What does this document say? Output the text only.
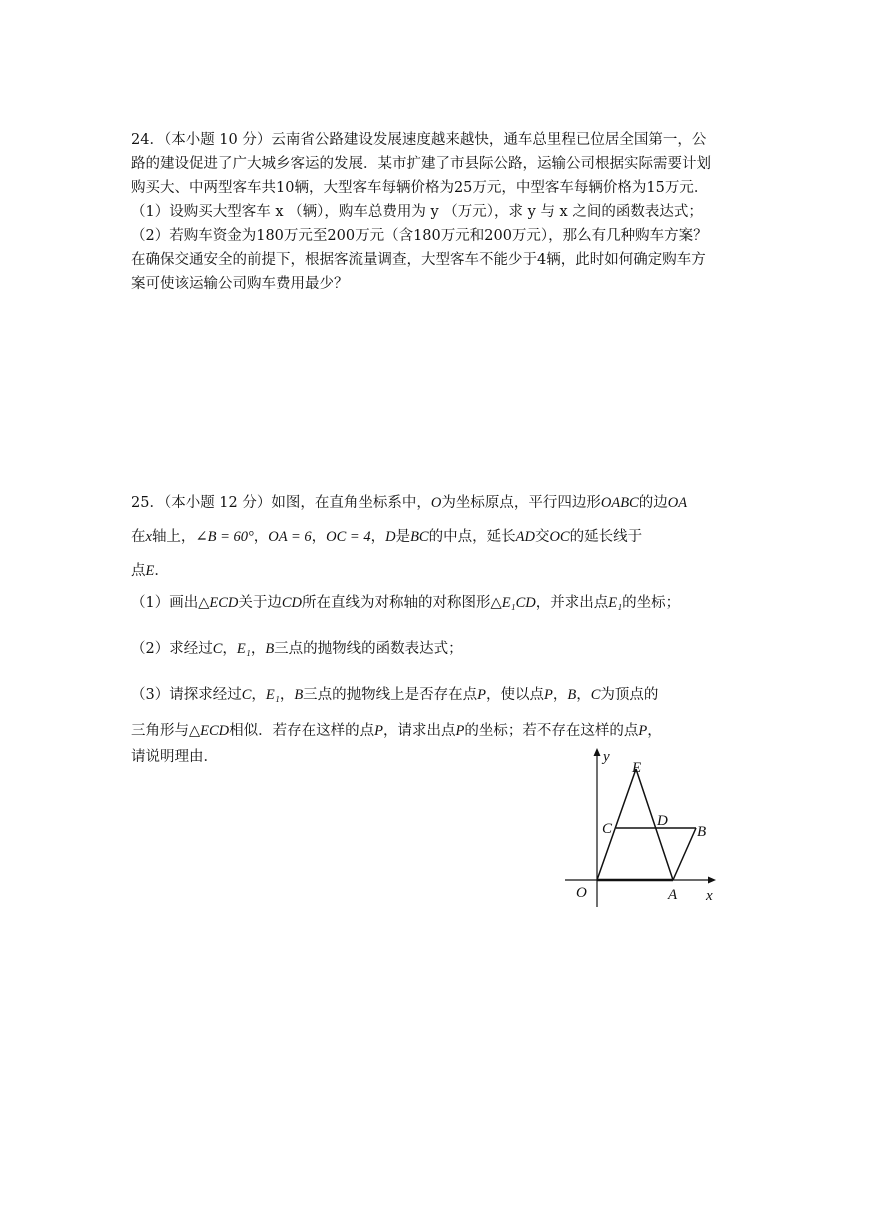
24．（本小题 10 分）云南省公路建设发展速度越来越快，通车总里程已位居全国第一，公
路的建设促进了广大城乡客运的发展．某市扩建了市县际公路，运输公司根据实际需要计划
购买大、中两型客车共10辆，大型客车每辆价格为25万元，中型客车每辆价格为15万元．
（1）设购买大型客车 x （辆），购车总费用为 y （万元），求 y 与 x 之间的函数表达式；
（2）若购车资金为180万元至200万元（含180万元和200万元），那么有几种购车方案？
在确保交通安全的前提下，根据客流量调查，大型客车不能少于4辆，此时如何确定购车方
案可使该运输公司购车费用最少？
25．（本小题 12 分）如图，在直角坐标系中，O为坐标原点，平行四边形OABC的边OA
在x轴上，∠B = 60°，OA = 6，OC = 4，D是BC的中点，延长AD交OC的延长线于
点E．
（1）画出△ECD关于边CD所在直线为对称轴的对称图形△E₁CD，并求出点E₁的坐标；
（2）求经过C，E₁，B三点的抛物线的函数表达式；
（3）请探求经过C，E₁，B三点的抛物线上是否存在点P，使以点P，B，C为顶点的
三角形与△ECD相似．若存在这样的点P，请求出点P的坐标；若不存在这样的点P，
请说明理由．	y
E
C	D
B
O	A x
